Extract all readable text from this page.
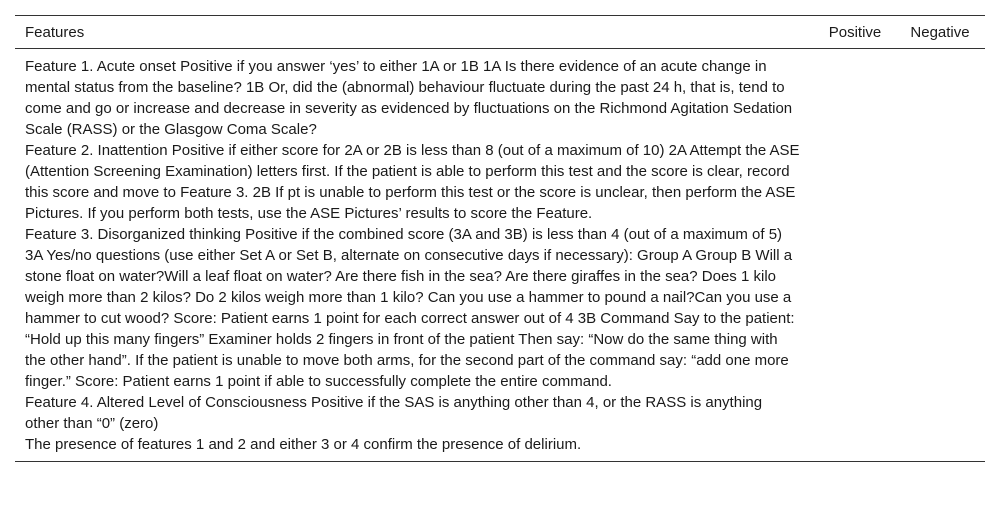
Features	Positive	Negative

Feature 1. Acute onset Positive if you answer ‘yes’ to either 1A or 1B 1A Is there evidence of an acute change in mental status from the baseline? 1B Or, did the (abnormal) behaviour fluctuate during the past 24 h, that is, tend to come and go or increase and decrease in severity as evidenced by fluctuations on the Richmond Agitation Sedation Scale (RASS) or the Glasgow Coma Scale?		

Feature 2. Inattention Positive if either score for 2A or 2B is less than 8 (out of a maximum of 10) 2A Attempt the ASE (Attention Screening Examination) letters first. If the patient is able to perform this test and the score is clear, record this score and move to Feature 3. 2B If pt is unable to perform this test or the score is unclear, then perform the ASE Pictures. If you perform both tests, use the ASE Pictures’ results to score the Feature.		

Feature 3. Disorganized thinking Positive if the combined score (3A and 3B) is less than 4 (out of a maximum of 5) 3A Yes/no questions (use either Set A or Set B, alternate on consecutive days if necessary): Group A Group B Will a stone float on water?Will a leaf float on water? Are there fish in the sea? Are there giraffes in the sea? Does 1 kilo weigh more than 2 kilos? Do 2 kilos weigh more than 1 kilo? Can you use a hammer to pound a nail?Can you use a hammer to cut wood? Score: Patient earns 1 point for each correct answer out of 4 3B Command Say to the patient: “Hold up this many fingers” Examiner holds 2 fingers in front of the patient Then say: “Now do the same thing with the other hand”. If the patient is unable to move both arms, for the second part of the command say: “add one more finger.” Score: Patient earns 1 point if able to successfully complete the entire command.		

Feature 4. Altered Level of Consciousness Positive if the SAS is anything other than 4, or the RASS is anything other than “0” (zero)		

The presence of features 1 and 2 and either 3 or 4 confirm the presence of delirium.		
